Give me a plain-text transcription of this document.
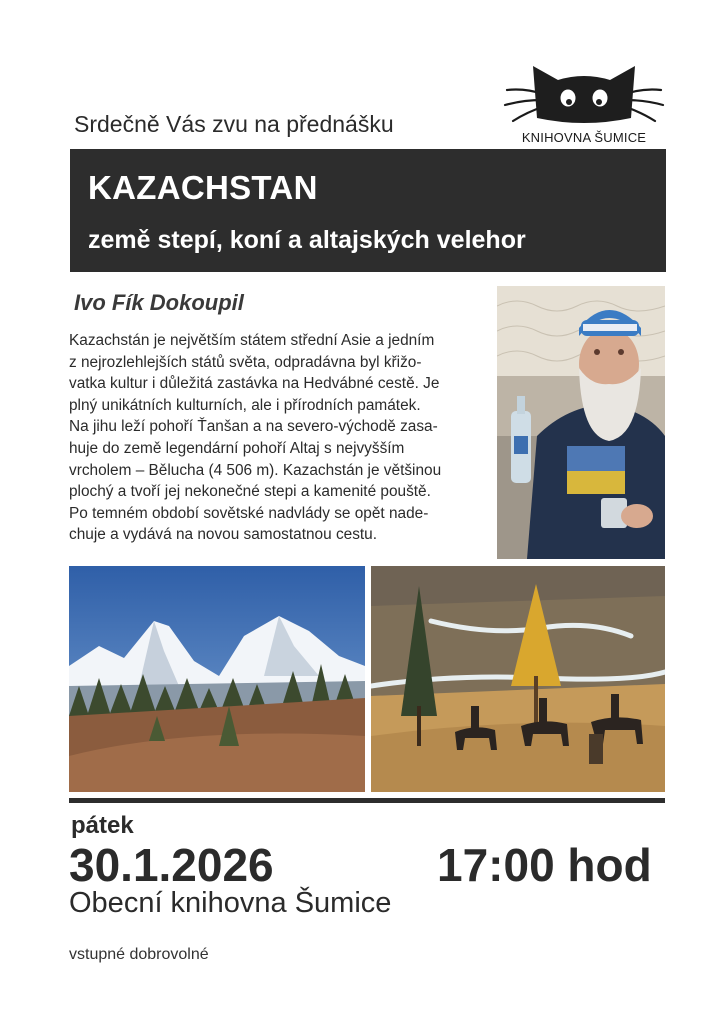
Srdečně Vás zvu na přednášku
KNIHOVNA ŠUMICE
KAZACHSTAN
země stepí, koní a altajských velehor
Ivo Fík Dokoupil
Kazachstán je největším státem střední Asie a jedním
z nejrozlehlejších států světa, odpradávna byl křižo-
vatka kultur i důležitá zastávka na Hedvábné cestě. Je
plný unikátních kulturních, ale i přírodních památek.
Na jihu leží pohoří Ťanšan a na severo-východě zasa-
huje do země legendární pohoří Altaj s nejvyšším
vrcholem – Běluchа (4 506 m). Kazachstán je většinou
plochý a tvoří jej nekonečné stepi a kamenité pouště.
Po temném období sovětské nadvlády se opět nade-
chuje a vydává na novou samostatnou cestu.
pátek
30.1.2026	17:00 hod
Obecní knihovna Šumice
vstupné dobrovolné
